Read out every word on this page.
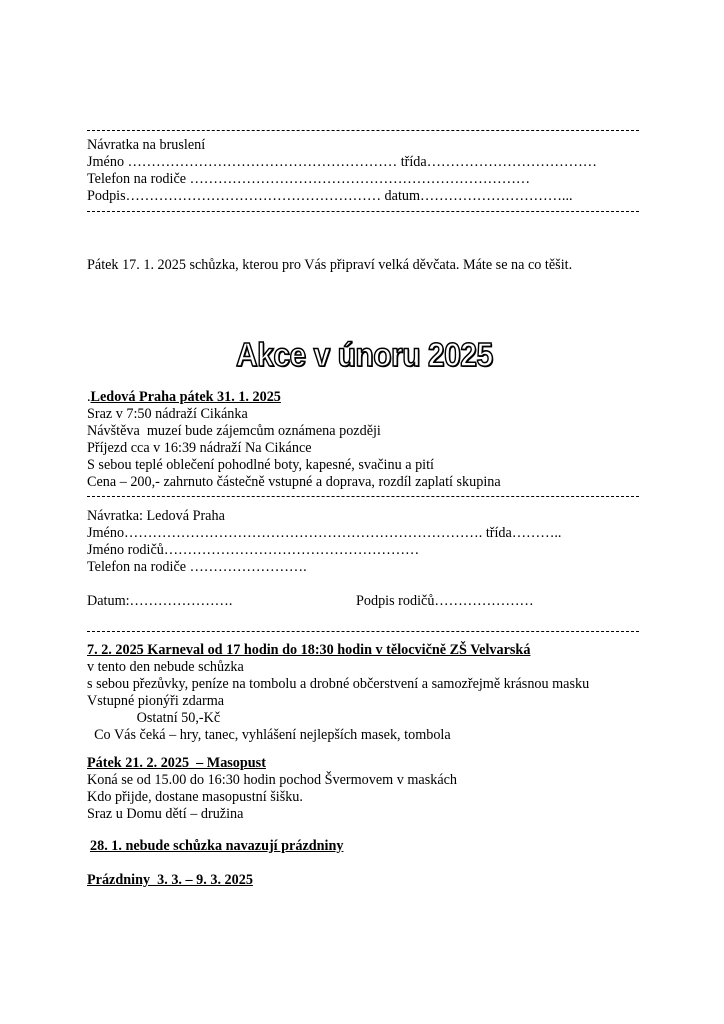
Návratka na bruslení
Jméno ………………………………………………… třída………………………………
Telefon na rodiče ………………………………………………………………
Podpis……………………………………………… datum…………………………...
Pátek 17. 1. 2025 schůzka, kterou pro Vás připraví velká děvčata. Máte se na co těšit.
Akce v únoru 2025
.Ledová Praha pátek 31. 1. 2025
Sraz v 7:50 nádraží Cikánka
Návštěva  muzeí bude zájemcům oznámena později
Příjezd cca v 16:39 nádraží Na Cikánce
S sebou teplé oblečení pohodlné boty, kapesné, svačinu a pití
Cena – 200,- zahrnuto částečně vstupné a doprava, rozdíl zaplatí skupina
Návratka: Ledová Praha
Jméno…………………………………………………………………. třída………..
Jméno rodičů………………………………………………
Telefon na rodiče …………………….
Datum:………………….	Podpis rodičů…………………
7. 2. 2025 Karneval od 17 hodin do 18:30 hodin v tělocvičně ZŠ Velvarská
v tento den nebude schůzka
s sebou přezůvky, peníze na tombolu a drobné občerstvení a samozřejmě krásnou masku
Vstupné pionýři zdarma
Ostatní 50,-Kč
Co Vás čeká – hry, tanec, vyhlášení nejlepších masek, tombola
Pátek 21. 2. 2025  – Masopust
Koná se od 15.00 do 16:30 hodin pochod Švermovem v maskách
Kdo přijde, dostane masopustní šišku.
Sraz u Domu dětí – družina
28. 1. nebude schůzka navazují prázdniny
Prázdniny  3. 3. – 9. 3. 2025
